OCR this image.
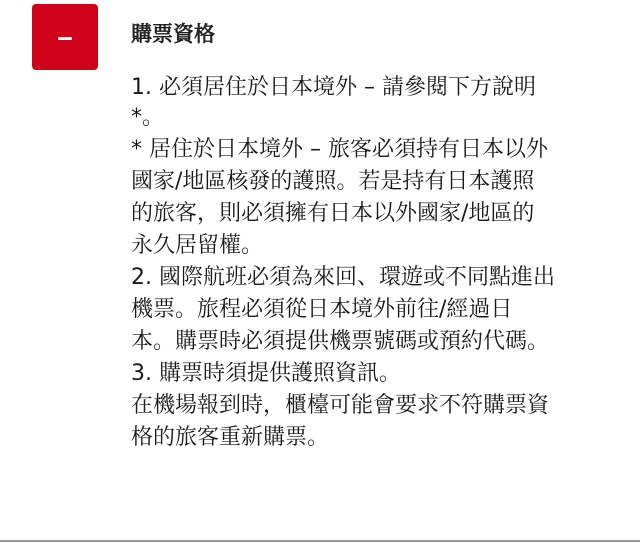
購票資格
1. 必須居住於日本境外 – 請參閱下方說明
*。
* 居住於日本境外 – 旅客必須持有日本以外
國家/地區核發的護照。若是持有日本護照
的旅客，則必須擁有日本以外國家/地區的
永久居留權。
2. 國際航班必須為來回、環遊或不同點進出
機票。旅程必須從日本境外前往/經過日
本。購票時必須提供機票號碼或預約代碼。
3. 購票時須提供護照資訊。
在機場報到時，櫃檯可能會要求不符購票資
格的旅客重新購票。
